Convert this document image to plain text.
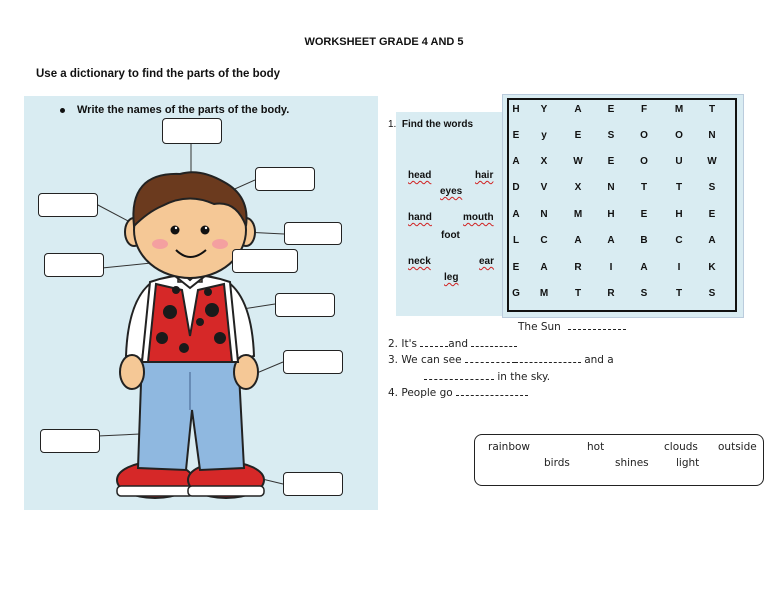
WORKSHEET GRADE 4 AND 5
Use a dictionary to find the parts of the body
Write the names of the parts of the body.
1. Find the words
head	hair
eyes
hand	mouth
foot
neck	ear
leg
H	Y	A	E	F	M	T
E	y	E	S	O	O	N
A	X	W	E	O	U	W
D	V	X	N	T	T	S
A	N	M	H	E	H	E
L	C	A	A	B	C	A
E	A	R	I	A	I	K
G	M	T	R	S	T	S
The Sun
2. It's	and
3. We can see	and a
in the sky.
4. People go
rainbow	hot	clouds outside
birds	shines	light
